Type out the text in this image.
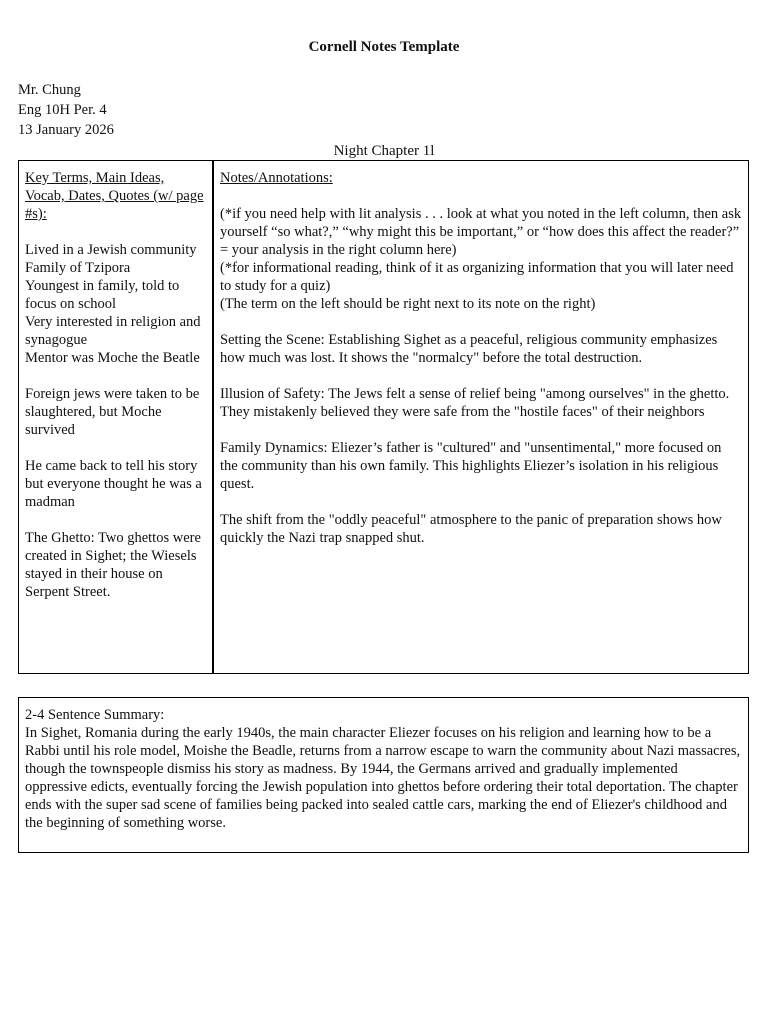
Cornell Notes Template
Mr. Chung
Eng 10H Per. 4
13 January 2026
Night Chapter 1l

Key Terms, Main Ideas, Vocab, Dates, Quotes (w/ page #s):

Lived in a Jewish community
Family of Tzipora
Youngest in family, told to focus on school
Very interested in religion and synagogue
Mentor was Moche the Beatle

Foreign jews were taken to be slaughtered, but Moche survived

He came back to tell his story but everyone thought he was a madman

The Ghetto: Two ghettos were created in Sighet; the Wiesels stayed in their house on Serpent Street.

Notes/Annotations:

(*if you need help with lit analysis . . . look at what you noted in the left column, then ask yourself “so what?,” “why might this be important,” or “how does this affect the reader?” = your analysis in the right column here)

(*for informational reading, think of it as organizing information that you will later need to study for a quiz)

(The term on the left should be right next to its note on the right)

Setting the Scene: Establishing Sighet as a peaceful, religious community emphasizes how much was lost. It shows the "normalcy" before the total destruction.

Illusion of Safety: The Jews felt a sense of relief being "among ourselves" in the ghetto. They mistakenly believed they were safe from the "hostile faces" of their neighbors

Family Dynamics: Eliezer’s father is "cultured" and "unsentimental," more focused on the community than his own family. This highlights Eliezer’s isolation in his religious quest.

The shift from the "oddly peaceful" atmosphere to the panic of preparation shows how quickly the Nazi trap snapped shut.

2-4 Sentence Summary:
In Sighet, Romania during the early 1940s, the main character Eliezer focuses on his religion and learning how to be a Rabbi until his role model, Moishe the Beadle, returns from a narrow escape to warn the community about Nazi massacres, though the townspeople dismiss his story as madness. By 1944, the Germans arrived and gradually implemented oppressive edicts, eventually forcing the Jewish population into ghettos before ordering their total deportation. The chapter ends with the super sad scene of families being packed into sealed cattle cars, marking the end of Eliezer's childhood and the beginning of something worse.
